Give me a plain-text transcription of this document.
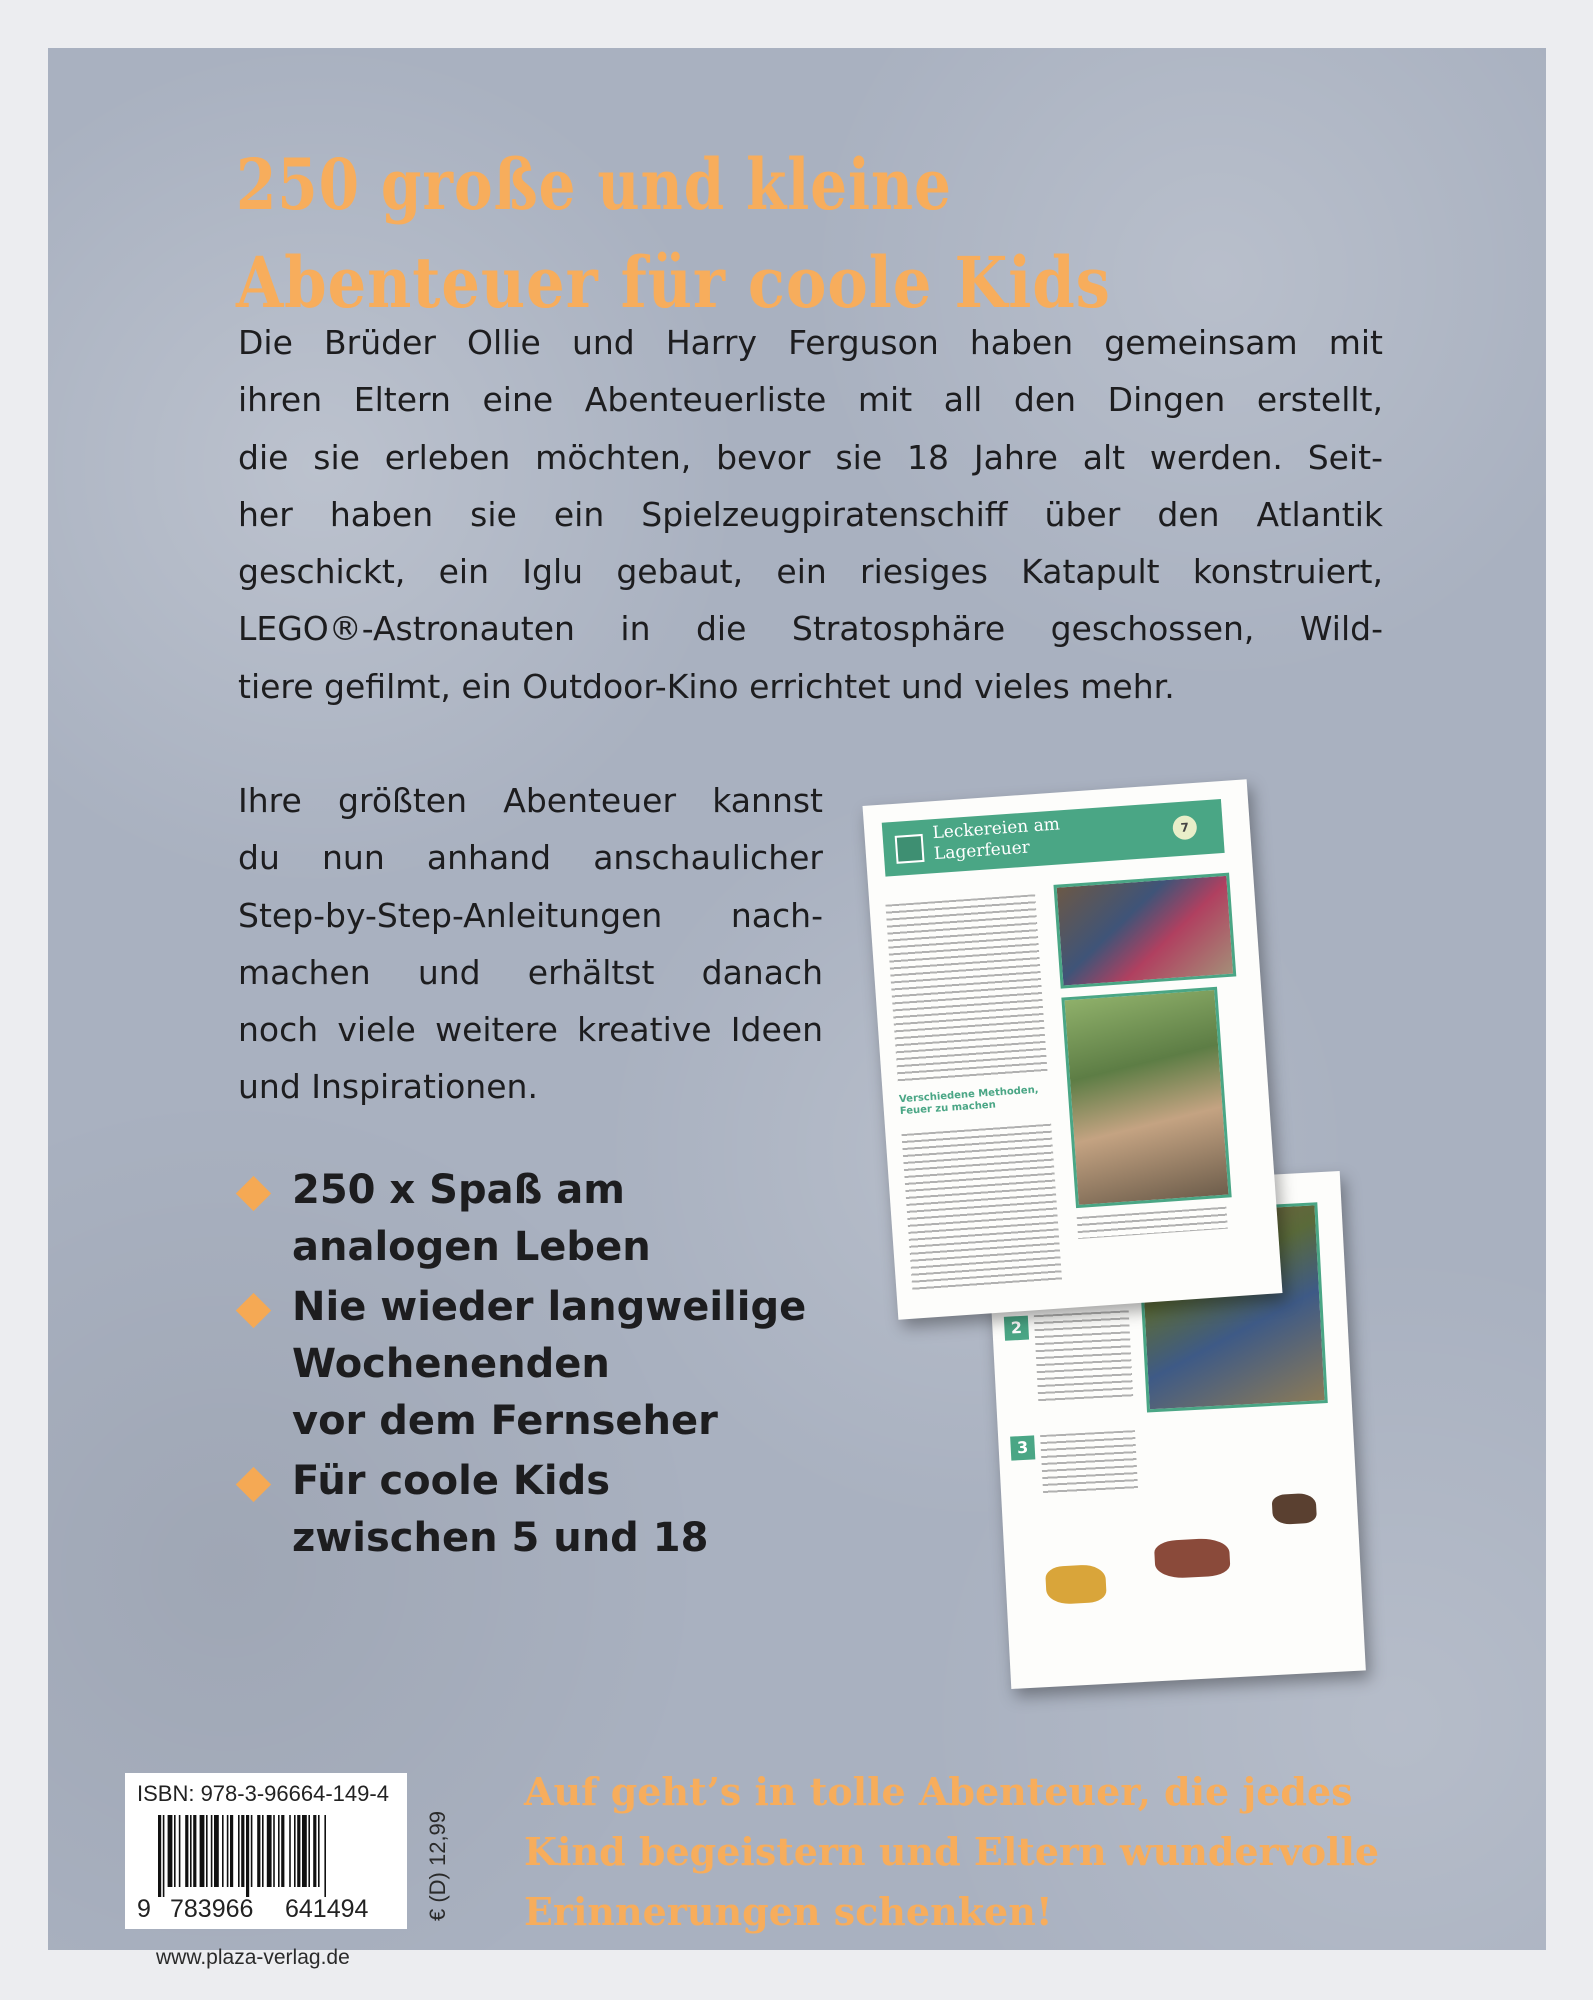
250 große und kleine
Abenteuer für coole Kids

Die Brüder Ollie und Harry Ferguson haben gemeinsam mit
ihren Eltern eine Abenteuerliste mit all den Dingen erstellt,
die sie erleben möchten, bevor sie 18 Jahre alt werden. Seit-
her haben sie ein Spielzeugpiratenschiff über den Atlantik
geschickt, ein Iglu gebaut, ein riesiges Katapult konstruiert,
LEGO®-Astronauten in die Stratosphäre geschossen, Wild-
tiere gefilmt, ein Outdoor-Kino errichtet und vieles mehr.

Ihre größten Abenteuer kannst
du nun anhand anschaulicher
Step-by-Step-Anleitungen nach-
machen und erhältst danach
noch viele weitere kreative Ideen
und Inspirationen.

250 x Spaß am
analogen Leben
Nie wieder langweilige
Wochenenden
vor dem Fernseher
Für coole Kids
zwischen 5 und 18
2
3
Leckereien am
Lagerfeuer
7
Verschiedene Methoden, Feuer zu machen
ISBN: 978-3-96664-149-4
9 783966 641494	€ (D) 12,99
www.plaza-verlag.de

Auf geht’s in tolle Abenteuer, die jedes
Kind begeistern und Eltern wundervolle
Erinnerungen schenken!
